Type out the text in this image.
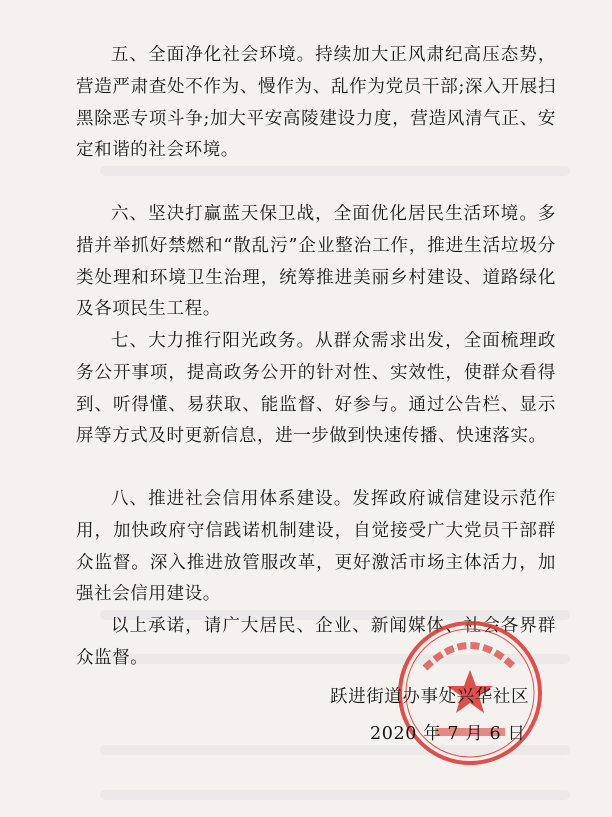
五、全面净化社会环境。持续加大正风肃纪高压态势，营造严肃查处不作为、慢作为、乱作为党员干部;深入开展扫黑除恶专项斗争;加大平安高陵建设力度，营造风清气正、安定和谐的社会环境。

六、坚决打赢蓝天保卫战，全面优化居民生活环境。多措并举抓好禁燃和“散乱污”企业整治工作，推进生活垃圾分类处理和环境卫生治理，统筹推进美丽乡村建设、道路绿化及各项民生工程。

七、大力推行阳光政务。从群众需求出发，全面梳理政务公开事项，提高政务公开的针对性、实效性，使群众看得到、听得懂、易获取、能监督、好参与。通过公告栏、显示屏等方式及时更新信息，进一步做到快速传播、快速落实。

八、推进社会信用体系建设。发挥政府诚信建设示范作用，加快政府守信践诺机制建设，自觉接受广大党员干部群众监督。深入推进放管服改革，更好激活市场主体活力，加强社会信用建设。

以上承诺，请广大居民、企业、新闻媒体、社会各界群众监督。

跃进街道办事处兴华社区
2020 年 7 月 6 日
